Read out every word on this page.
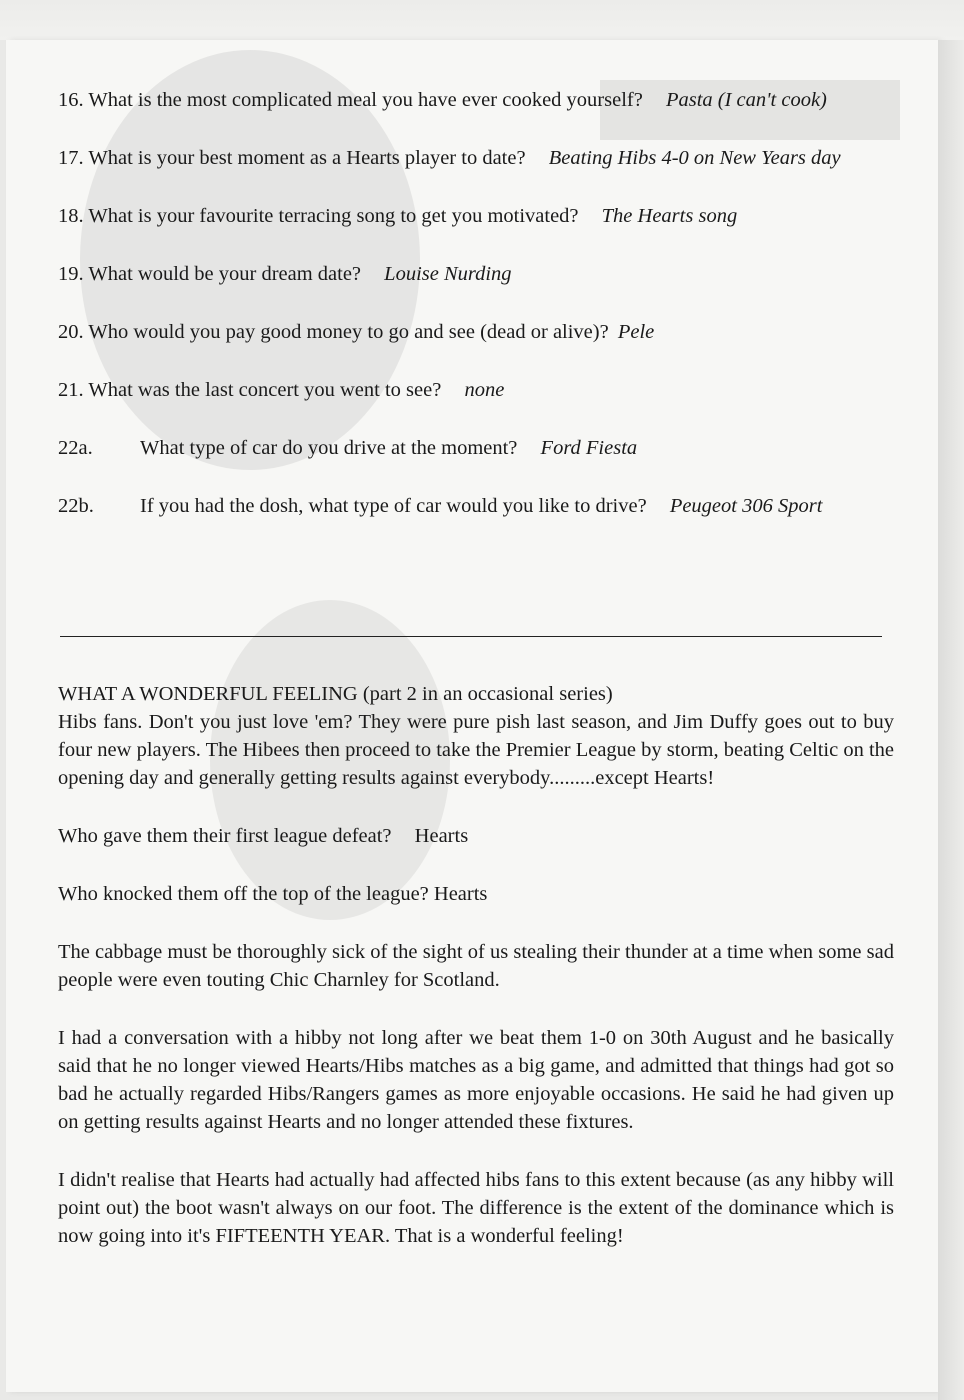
16. What is the most complicated meal you have ever cooked yourself? Pasta (I can't cook)
17. What is your best moment as a Hearts player to date? Beating Hibs 4-0 on New Years day
18. What is your favourite terracing song to get you motivated? The Hearts song
19. What would be your dream date? Louise Nurding
20. Who would you pay good money to go and see (dead or alive)? Pele
21. What was the last concert you went to see? none
22a. What type of car do you drive at the moment? Ford Fiesta
22b. If you had the dosh, what type of car would you like to drive? Peugeot 306 Sport

WHAT A WONDERFUL FEELING (part 2 in an occasional series)

Hibs fans. Don't you just love 'em? They were pure pish last season, and Jim Duffy goes out to buy four new players. The Hibees then proceed to take the Premier League by storm, beating Celtic on the opening day and generally getting results against everybody.........except Hearts!

Who gave them their first league defeat? Hearts

Who knocked them off the top of the league? Hearts

The cabbage must be thoroughly sick of the sight of us stealing their thunder at a time when some sad people were even touting Chic Charnley for Scotland.

I had a conversation with a hibby not long after we beat them 1-0 on 30th August and he basically said that he no longer viewed Hearts/Hibs matches as a big game, and admitted that things had got so bad he actually regarded Hibs/Rangers games as more enjoyable occasions. He said he had given up on getting results against Hearts and no longer attended these fixtures.

I didn't realise that Hearts had actually had affected hibs fans to this extent because (as any hibby will point out) the boot wasn't always on our foot. The difference is the extent of the dominance which is now going into it's FIFTEENTH YEAR. That is a wonderful feeling!
